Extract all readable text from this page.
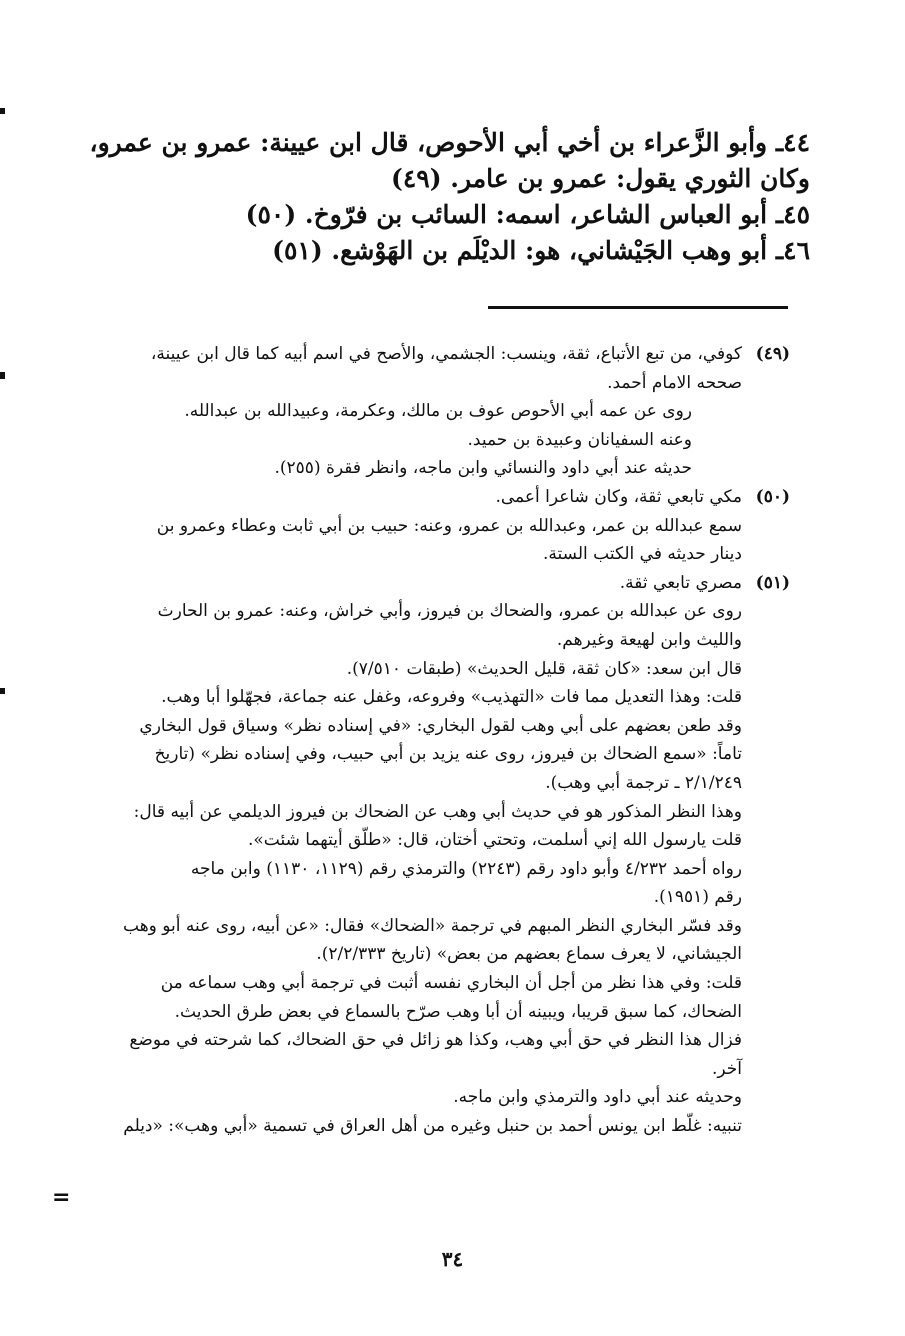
٤٤ـ وأبو الزَّعراء بن أخي أبي الأحوص، قال ابن عيينة: عمرو بن عمرو،
وكان الثوري يقول: عمرو بن عامر. (٤٩)
٤٥ـ أبو العباس الشاعر، اسمه: السائب بن فرّوخ. (٥٠)
٤٦ـ أبو وهب الجَيْشاني، هو: الديْلَم بن الهَوْشع. (٥١)
(٤٩)كوفي، من تبع الأتباع، ثقة، وينسب: الجشمي، والأصح في اسم أبيه كما قال ابن عيينة،
صححه الامام أحمد.
روى عن عمه أبي الأحوص عوف بن مالك، وعكرمة، وعبيدالله بن عبدالله.
وعنه السفيانان وعبيدة بن حميد.
حديثه عند أبي داود والنسائي وابن ماجه، وانظر فقرة (٢٥٥).
(٥٠)مكي تابعي ثقة، وكان شاعرا أعمى.
سمع عبدالله بن عمر، وعبدالله بن عمرو، وعنه: حبيب بن أبي ثابت وعطاء وعمرو بن
دينار حديثه في الكتب الستة.
(٥١)مصري تابعي ثقة.
روى عن عبدالله بن عمرو، والضحاك بن فيروز، وأبي خراش، وعنه: عمرو بن الحارث
والليث وابن لهيعة وغيرهم.
قال ابن سعد: «كان ثقة، قليل الحديث» (طبقات ٧/٥١٠).
قلت: وهذا التعديل مما فات «التهذيب» وفروعه، وغفل عنه جماعة، فجهّلوا أبا وهب.
وقد طعن بعضهم على أبي وهب لقول البخاري: «في إسناده نظر» وسياق قول البخاري
تاماً: «سمع الضحاك بن فيروز، روى عنه يزيد بن أبي حبيب، وفي إسناده نظر» (تاريخ
٢/١/٢٤٩ ـ ترجمة أبي وهب).
وهذا النظر المذكور هو في حديث أبي وهب عن الضحاك بن فيروز الديلمي عن أبيه قال:
قلت يارسول الله إني أسلمت، وتحتي أختان، قال: «طلّق أيتهما شئت».
رواه أحمد ٤/٢٣٢ وأبو داود رقم (٢٢٤٣) والترمذي رقم (١١٢٩، ١١٣٠) وابن ماجه
رقم (١٩٥١).
وقد فسّر البخاري النظر المبهم في ترجمة «الضحاك» فقال: «عن أبيه، روى عنه أبو وهب
الجيشاني، لا يعرف سماع بعضهم من بعض» (تاريخ ٢/٢/٣٣٣).
قلت: وفي هذا نظر من أجل أن البخاري نفسه أثبت في ترجمة أبي وهب سماعه من
الضحاك، كما سبق قريبا، ويبينه أن أبا وهب صرّح بالسماع في بعض طرق الحديث.
فزال هذا النظر في حق أبي وهب، وكذا هو زائل في حق الضحاك، كما شرحته في موضع
آخر.
وحديثه عند أبي داود والترمذي وابن ماجه.
تنبيه: غلّط ابن يونس أحمد بن حنبل وغيره من أهل العراق في تسمية «أبي وهب»: «ديلم
=
٣٤
